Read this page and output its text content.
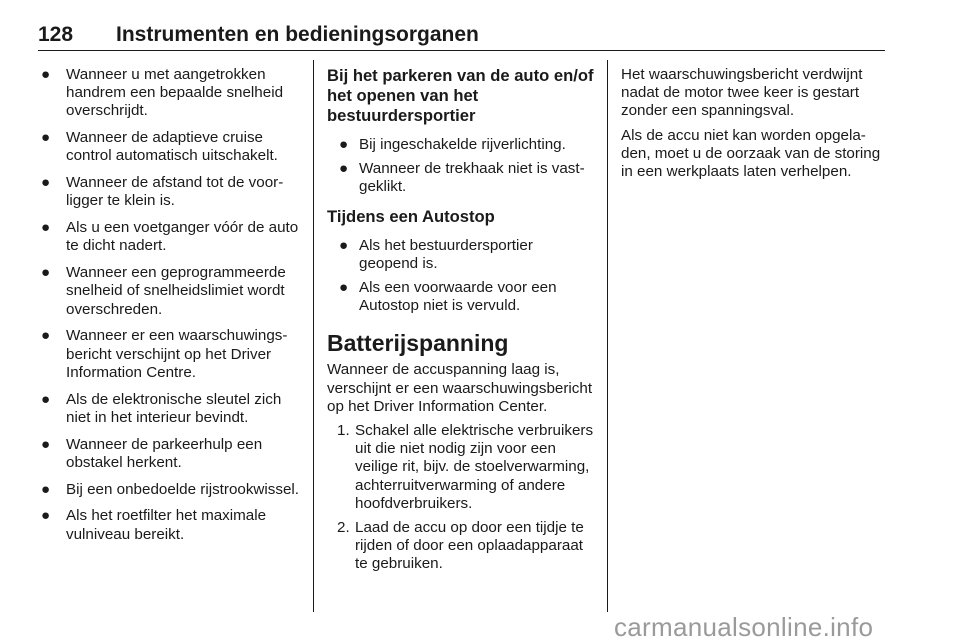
128 Instrumenten en bedieningsorganen
● Wanneer u met aangetrokken handrem een bepaalde snelheid overschrijdt.
● Wanneer de adaptieve cruise control automatisch uitschakelt.
● Wanneer de afstand tot de voorligger te klein is.
● Als u een voetganger vóór de auto te dicht nadert.
● Wanneer een geprogrammeerde snelheid of snelheidslimiet wordt overschreden.
● Wanneer er een waarschuwingsbericht verschijnt op het Driver Information Centre.
● Als de elektronische sleutel zich niet in het interieur bevindt.
● Wanneer de parkeerhulp een obstakel herkent.
● Bij een onbedoelde rijstrookwissel.
● Als het roetfilter het maximale vulniveau bereikt.
Bij het parkeren van de auto en/of het openen van het bestuurdersportier
● Bij ingeschakelde rijverlichting.
● Wanneer de trekhaak niet is vastgeklikt.
Tijdens een Autostop
● Als het bestuurdersportier geopend is.
● Als een voorwaarde voor een Autostop niet is vervuld.
Batterijspanning

Wanneer de accuspanning laag is, verschijnt er een waarschuwingsbericht op het Driver Information Center.

1. Schakel alle elektrische verbruikers uit die niet nodig zijn voor een veilige rit, bijv. de stoelverwarming, achterruitverwarming of andere hoofdverbruikers.
2. Laad de accu op door een tijdje te rijden of door een oplaadapparaat te gebruiken.

Het waarschuwingsbericht verdwijnt nadat de motor twee keer is gestart zonder een spanningsval.

Als de accu niet kan worden opgeladen, moet u de oorzaak van de storing in een werkplaats laten verhelpen.

carmanualsonline.info
